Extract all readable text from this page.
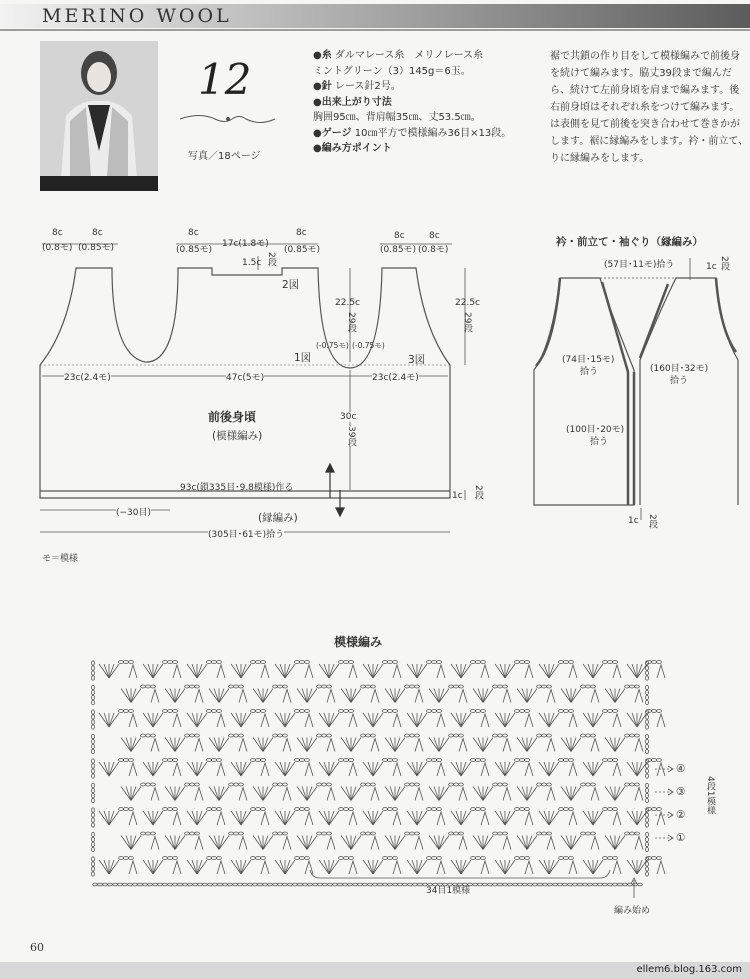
MERINO WOOL
12
写真／18ページ
●糸 ダルマレース糸　メリノレース糸
ミントグリーン（3）145g＝6玉。
●針 レース針2号。
●出来上がり寸法
胸囲95㎝、背肩幅35㎝、丈53.5㎝。
●ゲージ 10㎝平方で模様編み36目×13段。
●編み方ポイント
裾で共鎖の作り目をして模様編みで前後身
を続けて編みます。脇丈39段まで編んだ
ら、続けて左前身頃を肩まで編みます。後
右前身頃はそれぞれ糸をつけて編みます。
は表側を見て前後を突き合わせて巻きかが
します。裾に縁編みをします。衿・前立て、
りに縁編みをします。
8c	8c
(0.8モ) (0.85モ)
8c
17c(1.8モ)
8c
(0.85モ)	(0.85モ)
8c	8c
(0.85モ) (0.8モ)
1.5c 2段
2図
1図	3図
22.5c
29段
22.5c
29段
(-0.75モ) (-0.75モ)
23c(2.4モ)	47c(5モ)	23c(2.4モ)
前後身頃
(模様編み)
30c
39段
93c(鎖335目･9.8模様)作る
1c 2段
(−30目)	(縁編み)
(305目･61モ)拾う
モ＝模様
衿・前立て・袖ぐり（縁編み）
(57目･11モ)拾う	1c 2段
(74目･15モ)
拾う	(160目･32モ)
拾う
(100目･20モ)
拾う
1c 2段
模様編み
④
③
②
①
4段1模様
34目1模様
編み始め
60
ellem6.blog.163.com
